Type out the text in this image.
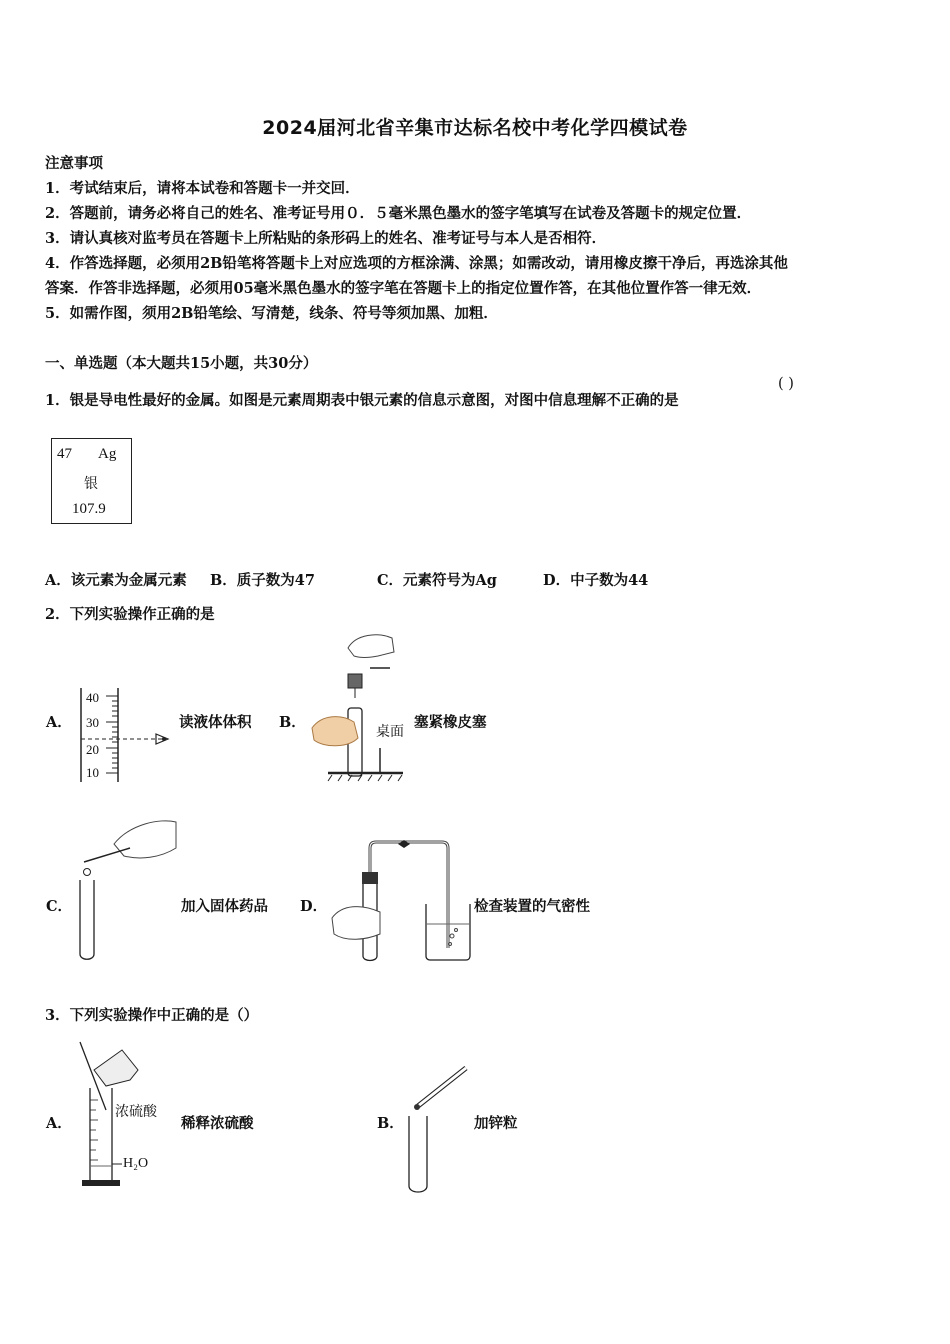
2024届河北省辛集市达标名校中考化学四模试卷
注意事项
1．考试结束后，请将本试卷和答题卡一并交回．
2．答题前，请务必将自己的姓名、准考证号用０．５毫米黑色墨水的签字笔填写在试卷及答题卡的规定位置．
3．请认真核对监考员在答题卡上所粘贴的条形码上的姓名、准考证号与本人是否相符．
4．作答选择题，必须用2B铅笔将答题卡上对应选项的方框涂满、涂黑；如需改动，请用橡皮擦干净后，再选涂其他
答案．作答非选择题，必须用05毫米黑色墨水的签字笔在答题卡上的指定位置作答，在其他位置作答一律无效．
5．如需作图，须用2B铅笔绘、写清楚，线条、符号等须加黑、加粗．
一、单选题（本大题共15小题，共30分）
1．银是导电性最好的金属。如图是元素周期表中银元素的信息示意图，对图中信息理解不正确的是
( )
47 Ag
银
107.9
A．该元素为金属元素 B．质子数为47	C．元素符号为Ag	D．中子数为44
2．下列实验操作正确的是
A．
40
30
20
10
读液体体积 B．
桌面
塞紧橡皮塞
C．	加入固体药品 D．	检查装置的气密性
3．下列实验操作中正确的是（）
A．
浓硫酸
H₂O
稀释浓硫酸	B．	加锌粒
